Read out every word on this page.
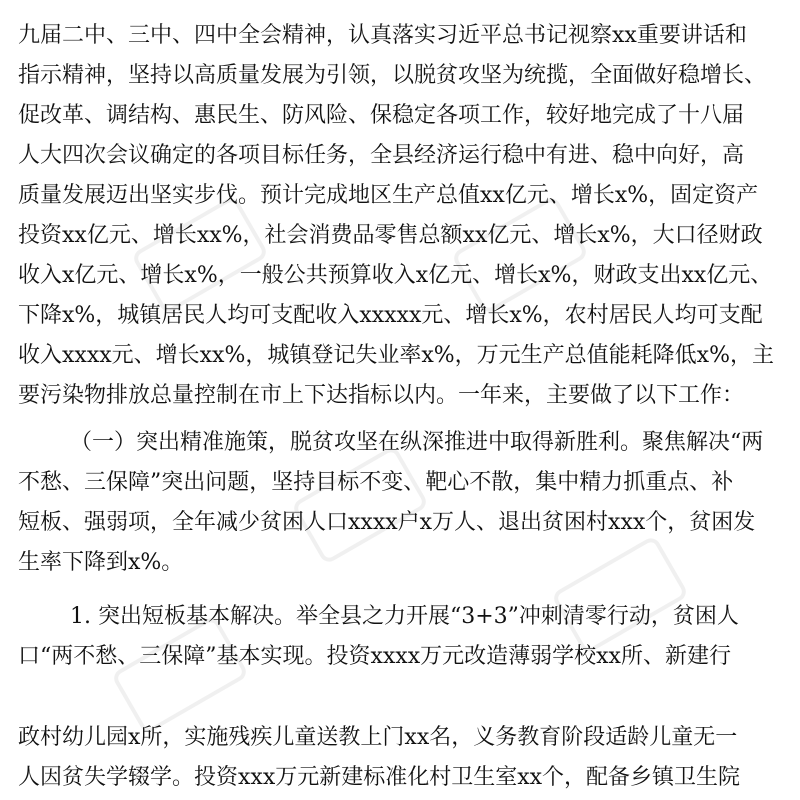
九届二中、三中、四中全会精神，认真落实习近平总书记视察xx重要讲话和
指示精神，坚持以高质量发展为引领，以脱贫攻坚为统揽，全面做好稳增长、
促改革、调结构、惠民生、防风险、保稳定各项工作，较好地完成了十八届
人大四次会议确定的各项目标任务，全县经济运行稳中有进、稳中向好，高
质量发展迈出坚实步伐。预计完成地区生产总值xx亿元、增长x%，固定资产
投资xx亿元、增长xx%，社会消费品零售总额xx亿元、增长x%，大口径财政
收入x亿元、增长x%，一般公共预算收入x亿元、增长x%，财政支出xx亿元、
下降x%，城镇居民人均可支配收入xxxxx元、增长x%，农村居民人均可支配
收入xxxx元、增长xx%，城镇登记失业率x%，万元生产总值能耗降低x%，主
要污染物排放总量控制在市上下达指标以内。一年来，主要做了以下工作：
（一）突出精准施策，脱贫攻坚在纵深推进中取得新胜利。聚焦解决“两
不愁、三保障”突出问题，坚持目标不变、靶心不散，集中精力抓重点、补
短板、强弱项，全年减少贫困人口xxxx户x万人、退出贫困村xxx个，贫困发
生率下降到x%。
1. 突出短板基本解决。举全县之力开展“3+3”冲刺清零行动，贫困人
口“两不愁、三保障”基本实现。投资xxxx万元改造薄弱学校xx所、新建行
政村幼儿园x所，实施残疾儿童送教上门xx名，义务教育阶段适龄儿童无一
人因贫失学辍学。投资xxx万元新建标准化村卫生室xx个，配备乡镇卫生院
